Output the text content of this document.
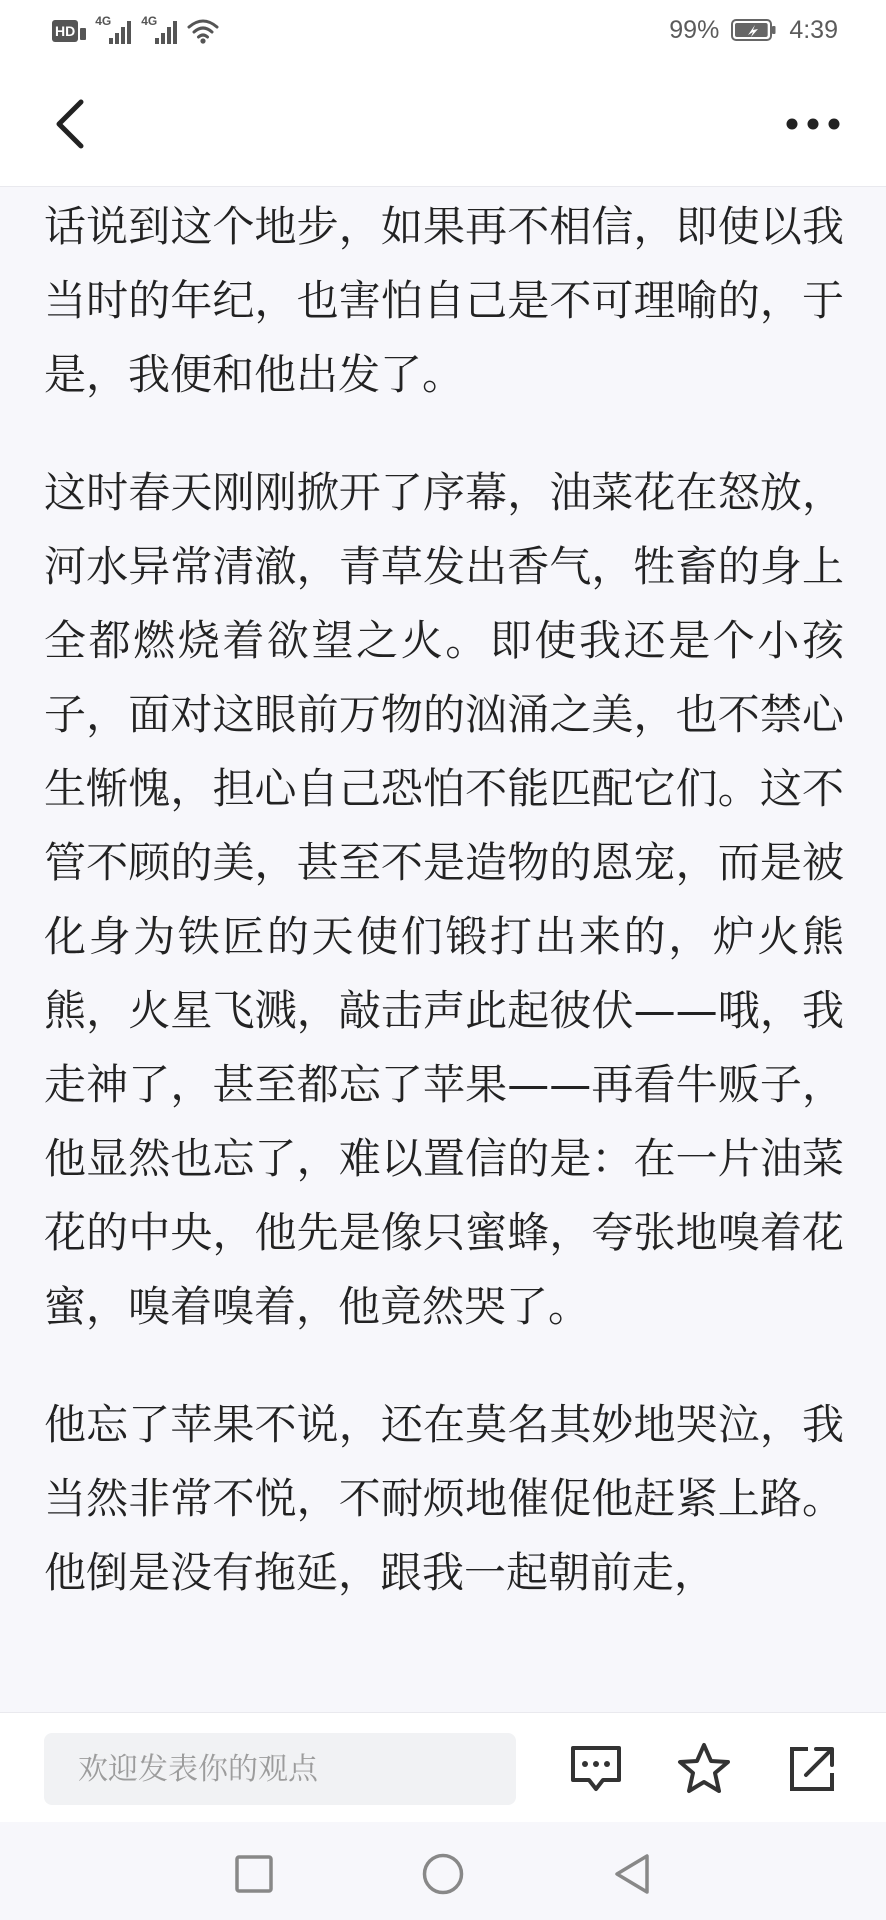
HD
4G 4G	99%	4:39

话说到这个地步，如果再不相信，即使以我当时的年纪，也害怕自己是不可理喻的，于是，我便和他出发了。

这时春天刚刚掀开了序幕，油菜花在怒放，河水异常清澈，青草发出香气，牲畜的身上全都燃烧着欲望之火。即使我还是个小孩子，面对这眼前万物的汹涌之美，也不禁心生惭愧，担心自己恐怕不能匹配它们。这不管不顾的美，甚至不是造物的恩宠，而是被化身为铁匠的天使们锻打出来的，炉火熊熊，火星飞溅，敲击声此起彼伏——哦，我走神了，甚至都忘了苹果——再看牛贩子，他显然也忘了，难以置信的是：在一片油菜花的中央，他先是像只蜜蜂，夸张地嗅着花蜜，嗅着嗅着，他竟然哭了。

他忘了苹果不说，还在莫名其妙地哭泣，我当然非常不悦，不耐烦地催促他赶紧上路。他倒是没有拖延，跟我一起朝前走，

欢迎发表你的观点
